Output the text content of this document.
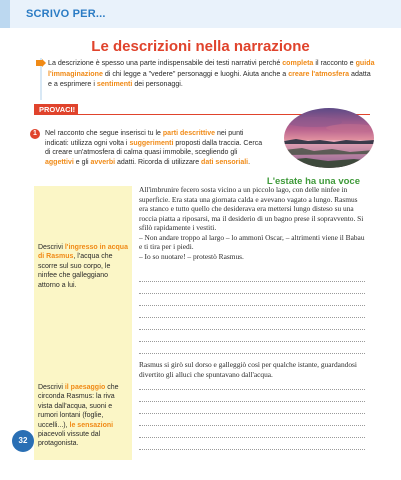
SCRIVO PER...
Le descrizioni nella narrazione

La descrizione è spesso una parte indispensabile dei testi narrativi perché completa il racconto e guida l'immaginazione di chi legge a "vedere" personaggi e luoghi. Aiuta anche a creare l'atmosfera adatta e a esprimere i sentimenti dei personaggi.

PROVACI!
1	Nel racconto che segue inserisci tu le parti descrittive nei punti indicati: utilizza ogni volta i suggerimenti proposti dalla traccia. Cerca di creare un'atmosfera di calma quasi immobile, scegliendo gli aggettivi e gli avverbi adatti. Ricorda di utilizzare dati sensoriali.

L'estate ha una voce

Descrivi l'ingresso in acqua di Rasmus, l'acqua che scorre sul suo corpo, le ninfee che galleggiano attorno a lui.

Descrivi il paesaggio che circonda Rasmus: la riva vista dall'acqua, suoni e rumori lontani (foglie, uccelli...), le sensazioni piacevoli vissute dal protagonista.

All'imbrunire fecero sosta vicino a un piccolo lago, con delle ninfee in superficie. Era stata una giornata calda e avevano vagato a lungo. Rasmus era stanco e tutto quello che desiderava era mettersi lungo disteso su una roccia piatta a riposarsi, ma il desiderio di un bagno prese il sopravvento. Si sfilò rapidamente i vestiti.

– Non andare troppo al largo – lo ammonì Oscar, – altrimenti viene il Babau e ti tira per i piedi.

– Io so nuotare! – protestò Rasmus.

Rasmus si girò sul dorso e galleggiò così per qualche istante, guardandosi divertito gli alluci che spuntavano dall'acqua.

32
